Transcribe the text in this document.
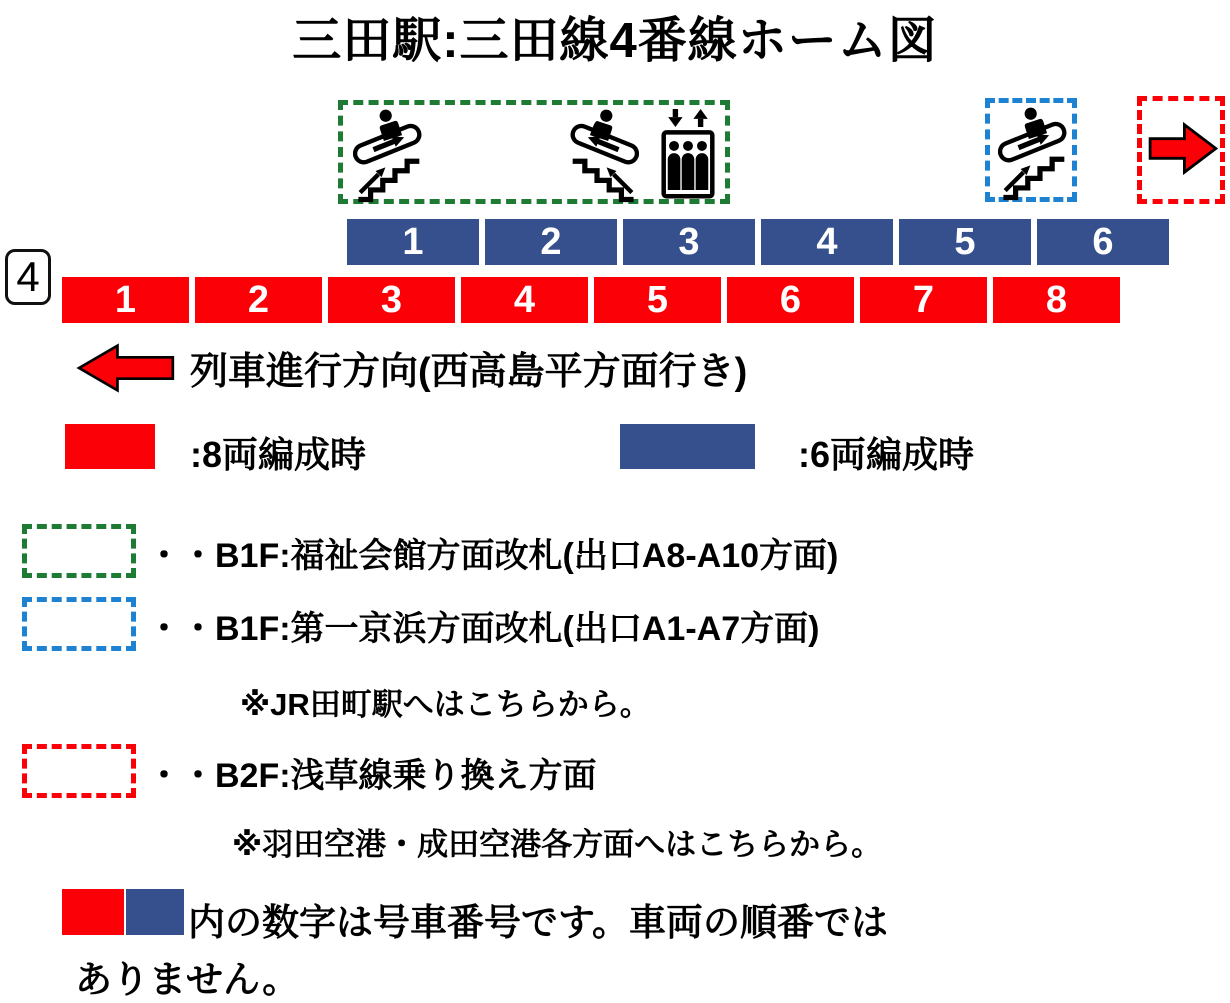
三田駅:三田線4番線ホーム図
1	2	3	4	5	6
4	1	2	3	4	5	6	7	8
列車進行方向(西高島平方面行き)
:8両編成時	:6両編成時
・・B1F:福祉会館方面改札(出口A8-A10方面)
・・B1F:第一京浜方面改札(出口A1-A7方面)
※JR田町駅へはこちらから。
・・B2F:浅草線乗り換え方面
※羽田空港・成田空港各方面へはこちらから。
内の数字は号車番号です。車両の順番では
ありません。
